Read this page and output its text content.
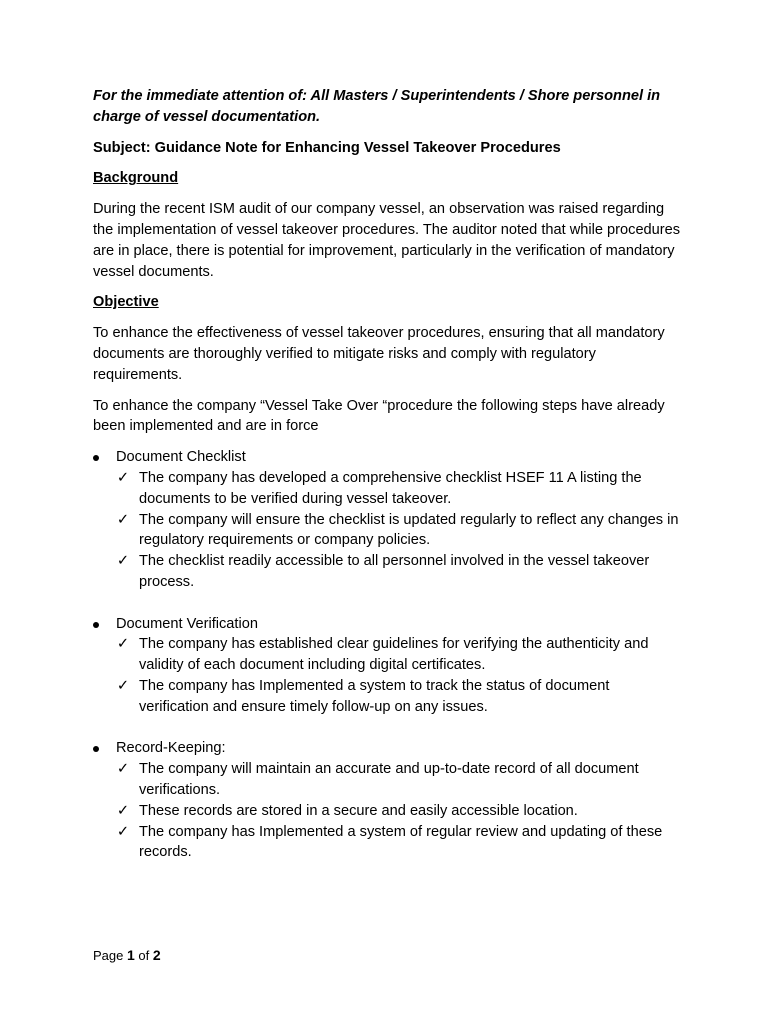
For the immediate attention of: All Masters / Superintendents / Shore personnel in charge of vessel documentation.

Subject: Guidance Note for Enhancing Vessel Takeover Procedures

Background

During the recent ISM audit of our company vessel, an observation was raised regarding the implementation of vessel takeover procedures. The auditor noted that while procedures are in place, there is potential for improvement, particularly in the verification of mandatory vessel documents.

Objective

To enhance the effectiveness of vessel takeover procedures, ensuring that all mandatory documents are thoroughly verified to mitigate risks and comply with regulatory requirements.

To enhance the company “Vessel Take Over “procedure the following steps have already been implemented and are in force

Document Checklist

✓ The company has developed a comprehensive checklist HSEF 11 A listing the documents to be verified during vessel takeover.
✓ The company will ensure the checklist is updated regularly to reflect any changes in regulatory requirements or company policies.
✓ The checklist readily accessible to all personnel involved in the vessel takeover process.

Document Verification

✓ The company has established clear guidelines for verifying the authenticity and validity of each document including digital certificates.
✓ The company has Implemented a system to track the status of document verification and ensure timely follow-up on any issues.

Record-Keeping:

✓ The company will maintain an accurate and up-to-date record of all document verifications.
✓ These records are stored in a secure and easily accessible location.
✓ The company has Implemented a system of regular review and updating of these records.
Page 1 of 2
